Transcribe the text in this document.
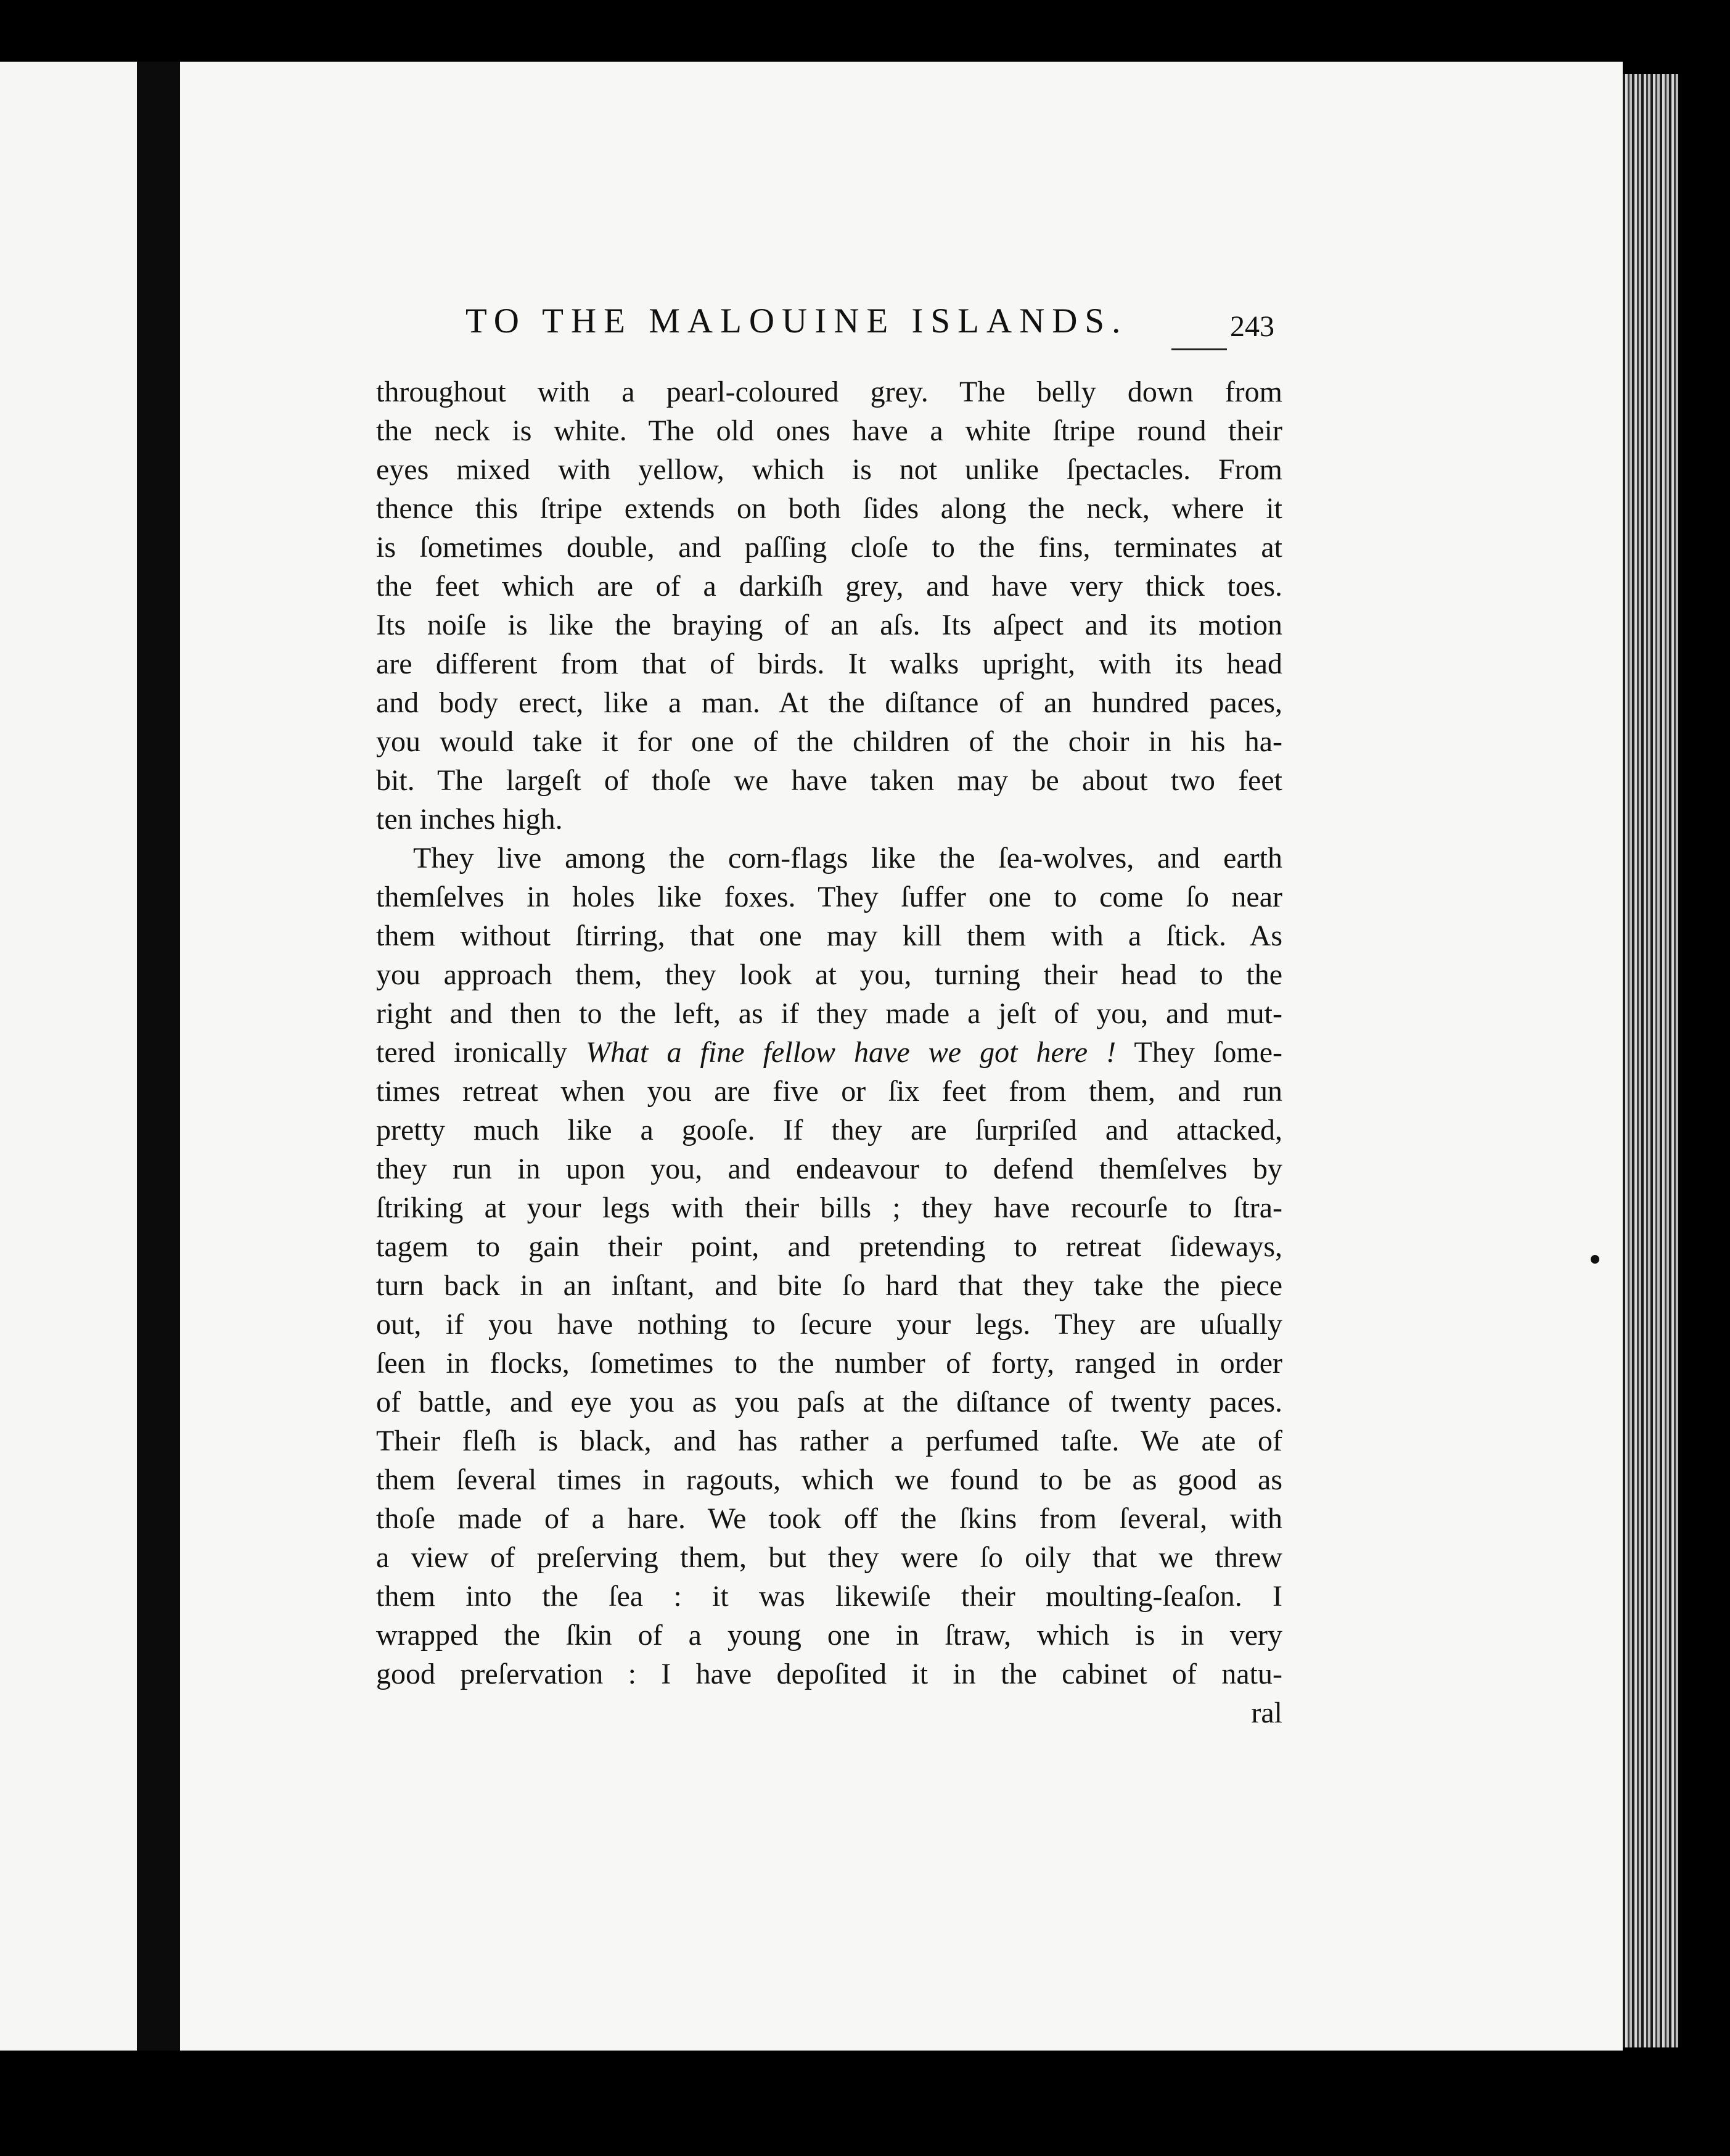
TO THE MALOUINE ISLANDS.	243
throughout with a pearl-coloured grey. The belly down from
the neck is white. The old ones have a white ſtripe round their
eyes mixed with yellow, which is not unlike ſpectacles. From
thence this ſtripe extends on both ſides along the neck, where it
is ſometimes double, and paſſing cloſe to the fins, terminates at
the feet which are of a darkiſh grey, and have very thick toes.
Its noiſe is like the braying of an aſs. Its aſpect and its motion
are different from that of birds. It walks upright, with its head
and body erect, like a man. At the diſtance of an hundred paces,
you would take it for one of the children of the choir in his ha-
bit. The largeſt of thoſe we have taken may be about two feet
ten inches high.
They live among the corn-flags like the ſea-wolves, and earth
themſelves in holes like foxes. They ſuffer one to come ſo near
them without ſtirring, that one may kill them with a ſtick. As
you approach them, they look at you, turning their head to the
right and then to the left, as if they made a jeſt of you, and mut-
tered ironically What a fine fellow have we got here ! They ſome-
times retreat when you are five or ſix feet from them, and run
pretty much like a gooſe. If they are ſurpriſed and attacked,
they run in upon you, and endeavour to defend themſelves by
ſtriking at your legs with their bills ; they have recourſe to ſtra-
tagem to gain their point, and pretending to retreat ſideways,
turn back in an inſtant, and bite ſo hard that they take the piece
out, if you have nothing to ſecure your legs. They are uſually
ſeen in flocks, ſometimes to the number of forty, ranged in order
of battle, and eye you as you paſs at the diſtance of twenty paces.
Their fleſh is black, and has rather a perfumed taſte. We ate of
them ſeveral times in ragouts, which we found to be as good as
thoſe made of a hare. We took off the ſkins from ſeveral, with
a view of preſerving them, but they were ſo oily that we threw
them into the ſea : it was likewiſe their moulting-ſeaſon. I
wrapped the ſkin of a young one in ſtraw, which is in very
good preſervation : I have depoſited it in the cabinet of natu-
ral
